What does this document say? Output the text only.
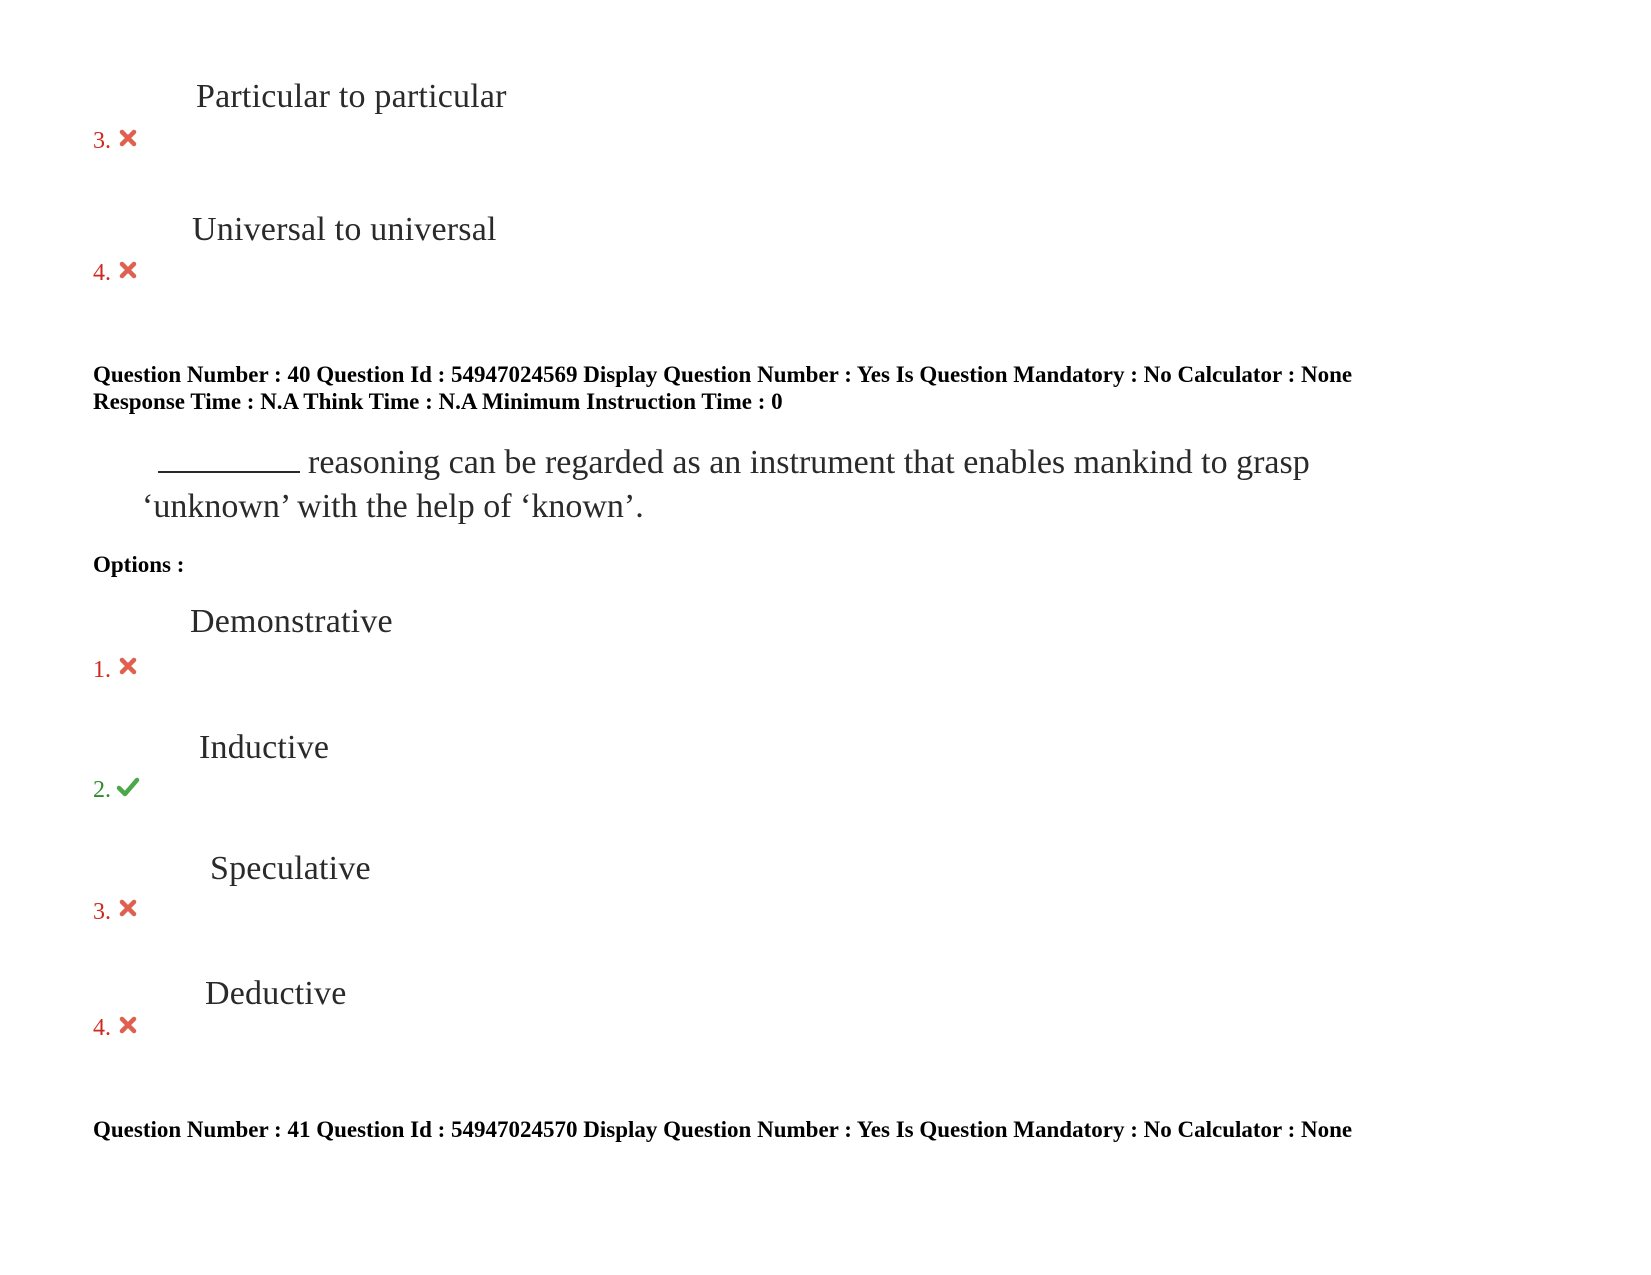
Particular to particular
3.
Universal to universal
4.
Question Number : 40 Question Id : 54947024569 Display Question Number : Yes Is Question Mandatory : No Calculator : None
Response Time : N.A Think Time : N.A Minimum Instruction Time : 0
reasoning can be regarded as an instrument that enables mankind to grasp
‘unknown’ with the help of ‘known’.
Options :
Demonstrative
1.
Inductive
2.
Speculative
3.
Deductive
4.
Question Number : 41 Question Id : 54947024570 Display Question Number : Yes Is Question Mandatory : No Calculator : None
